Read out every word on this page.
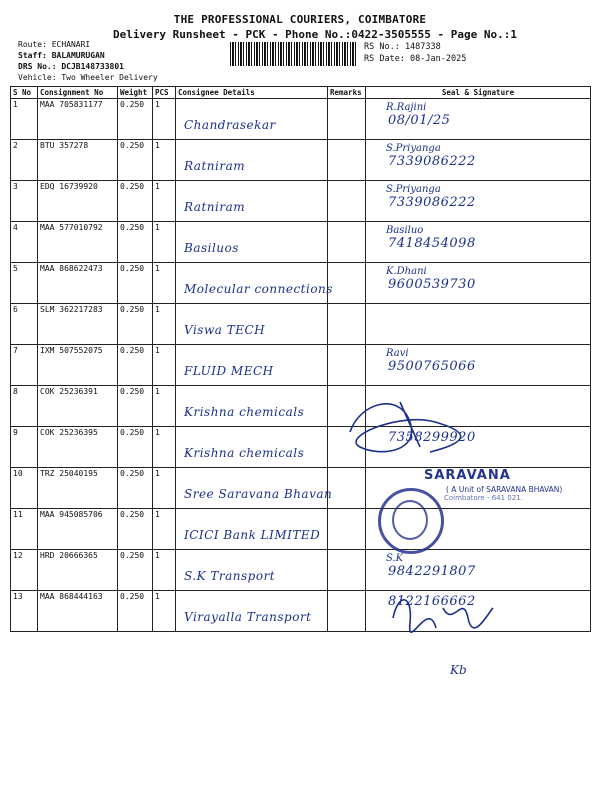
THE PROFESSIONAL COURIERS, COIMBATORE
Delivery Runsheet - PCK - Phone No.:0422-3505555 - Page No.:1
Route: ECHANARI
Staff: BALAMURUGAN
DRS No.: DCJB148733801
Vehicle: Two Wheeler Delivery
RS No.: 1487338
RS Date: 08-Jan-2025
S No	Consignment No	Weight	PCS	Consignee Details	Remarks	Seal & Signature
1	MAA 705831177	0.250	1	Chandrasekar		R.Rajini
08/01/25

2	BTU 357278	0.250	1	Ratniram		S.Priyanga
7339086222

3	EDQ 16739920	0.250	1	Ratniram		S.Priyanga
7339086222

4	MAA 577010792	0.250	1	Basiluos		Basiluo
7418454098

5	MAA 868622473	0.250	1	Molecular connections		K.Dhani
9600539730

6	SLM 362217283	0.250	1	Viswa TECH		

7	IXM 507552075	0.250	1	FLUID MECH		Ravi
9500765066

8	COK 25236391	0.250	1	Krishna chemicals		

9	COK 25236395	0.250	1	Krishna chemicals		7358299920

10	TRZ 25040195	0.250	1	Sree Saravana Bhavan		

11	MAA 945085706	0.250	1	ICICI Bank LIMITED		

12	HRD 20666365	0.250	1	S.K Transport		S.K
9842291807

13	MAA 868444163	0.250	1	Virayalla Transport		8122166662
SARAVANA
( A Unit of SARAVANA BHAVAN)
Coimbatore - 641 021.
Kb
